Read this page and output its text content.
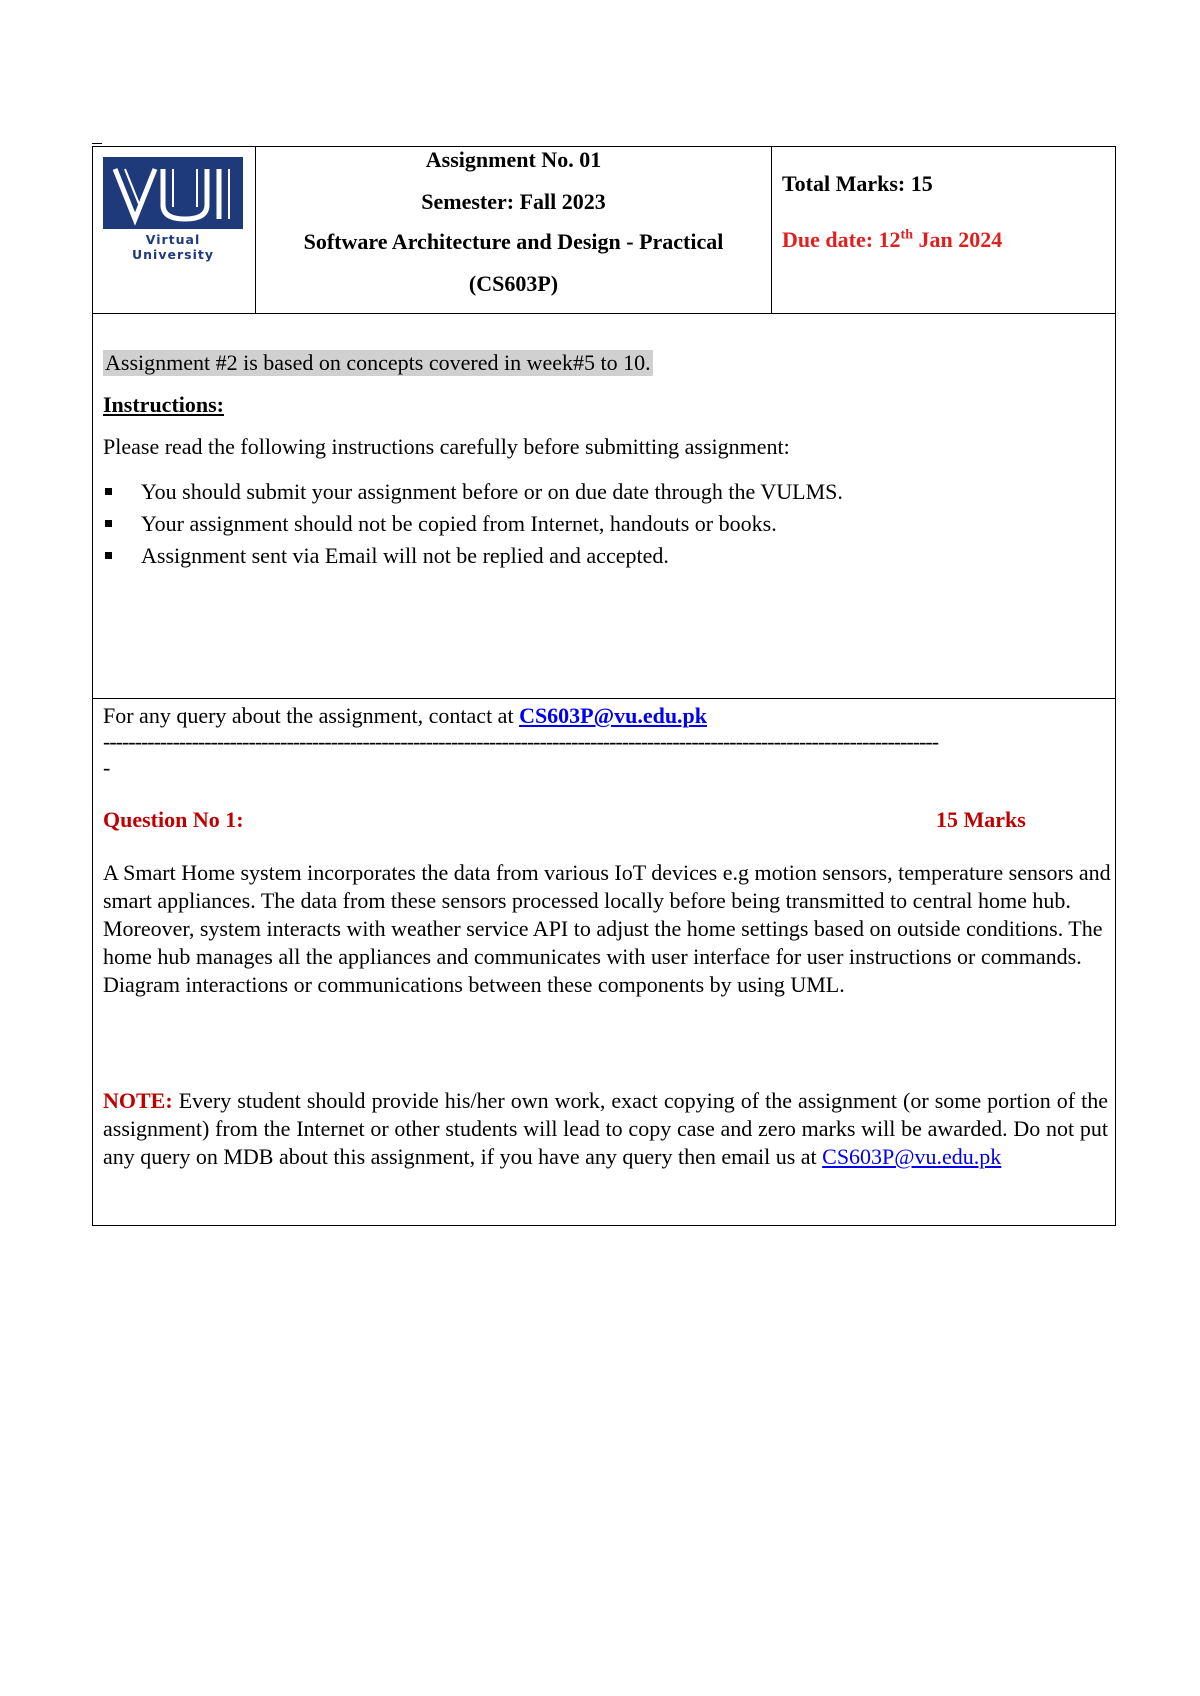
Virtual University
Assignment No. 01
Semester: Fall 2023
Software Architecture and Design - Practical
(CS603P)
Total Marks: 15
Due date: 12th Jan 2024
Assignment #2 is based on concepts covered in week#5 to 10.
Instructions:
Please read the following instructions carefully before submitting assignment:
You should submit your assignment before or on due date through the VULMS.
Your assignment should not be copied from Internet, handouts or books.
Assignment sent via Email will not be replied and accepted.
For any query about the assignment, contact at CS603P@vu.edu.pk
------------------------------------------------------------------------------------------------------------------------------------
-
Question No 1:	15 Marks
A Smart Home system incorporates the data from various IoT devices e.g motion sensors, temperature sensors and smart appliances. The data from these sensors processed locally before being transmitted to central home hub. Moreover, system interacts with weather service API to adjust the home settings based on outside conditions. The home hub manages all the appliances and communicates with user interface for user instructions or commands.
Diagram interactions or communications between these components by using UML.
NOTE: Every student should provide his/her own work, exact copying of the assignment (or some portion of the assignment) from the Internet or other students will lead to copy case and zero marks will be awarded. Do not put any query on MDB about this assignment, if you have any query then email us at CS603P@vu.edu.pk
